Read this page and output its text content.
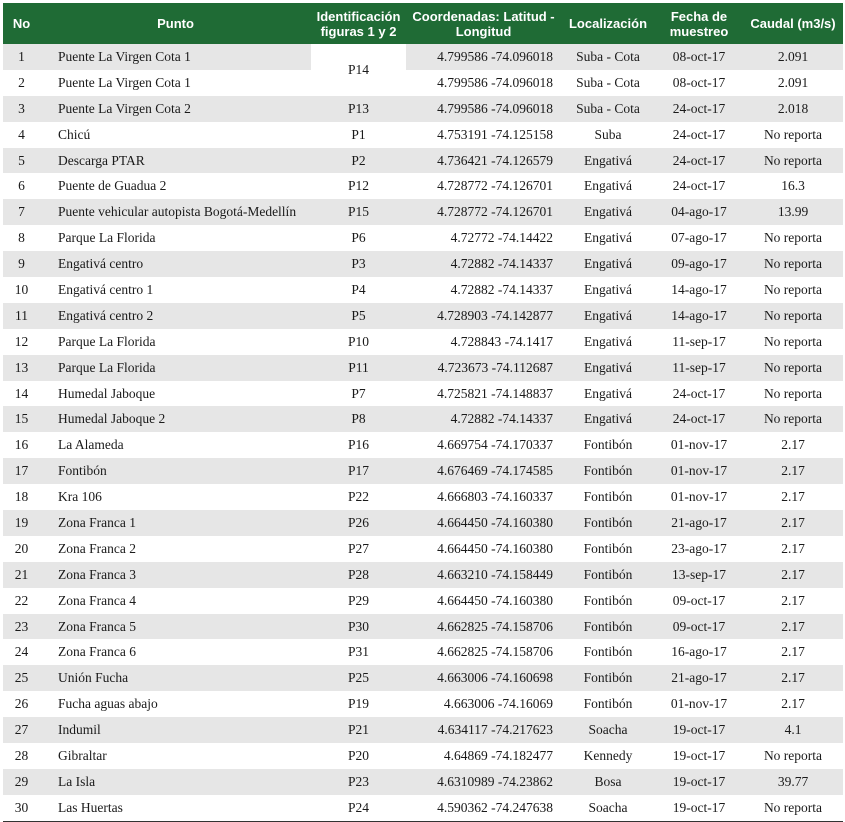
No	Punto	Identificación figuras 1 y 2	Coordenadas: Latitud - Longitud	Localización	Fecha de muestreo	Caudal (m3/s)
1	Puente La Virgen Cota 1	P14	4.799586 -74.096018	Suba - Cota	08-oct-17	2.091
2	Puente La Virgen Cota 1		4.799586 -74.096018	Suba - Cota	08-oct-17	2.091
3	Puente La Virgen Cota 2	P13	4.799586 -74.096018	Suba - Cota	24-oct-17	2.018
4	Chicú	P1	4.753191 -74.125158	Suba	24-oct-17	No reporta
5	Descarga PTAR	P2	4.736421 -74.126579	Engativá	24-oct-17	No reporta
6	Puente de Guadua 2	P12	4.728772 -74.126701	Engativá	24-oct-17	16.3
7	Puente vehicular autopista Bogotá-Medellín	P15	4.728772 -74.126701	Engativá	04-ago-17	13.99
8	Parque La Florida	P6	4.72772 -74.14422	Engativá	07-ago-17	No reporta
9	Engativá centro	P3	4.72882 -74.14337	Engativá	09-ago-17	No reporta
10	Engativá centro 1	P4	4.72882 -74.14337	Engativá	14-ago-17	No reporta
11	Engativá centro 2	P5	4.728903 -74.142877	Engativá	14-ago-17	No reporta
12	Parque La Florida	P10	4.728843 -74.1417	Engativá	11-sep-17	No reporta
13	Parque La Florida	P11	4.723673 -74.112687	Engativá	11-sep-17	No reporta
14	Humedal Jaboque	P7	4.725821 -74.148837	Engativá	24-oct-17	No reporta
15	Humedal Jaboque 2	P8	4.72882 -74.14337	Engativá	24-oct-17	No reporta
16	La Alameda	P16	4.669754 -74.170337	Fontibón	01-nov-17	2.17
17	Fontibón	P17	4.676469 -74.174585	Fontibón	01-nov-17	2.17
18	Kra 106	P22	4.666803 -74.160337	Fontibón	01-nov-17	2.17
19	Zona Franca 1	P26	4.664450 -74.160380	Fontibón	21-ago-17	2.17
20	Zona Franca 2	P27	4.664450 -74.160380	Fontibón	23-ago-17	2.17
21	Zona Franca 3	P28	4.663210 -74.158449	Fontibón	13-sep-17	2.17
22	Zona Franca 4	P29	4.664450 -74.160380	Fontibón	09-oct-17	2.17
23	Zona Franca 5	P30	4.662825 -74.158706	Fontibón	09-oct-17	2.17
24	Zona Franca 6	P31	4.662825 -74.158706	Fontibón	16-ago-17	2.17
25	Unión Fucha	P25	4.663006 -74.160698	Fontibón	21-ago-17	2.17
26	Fucha aguas abajo	P19	4.663006 -74.16069	Fontibón	01-nov-17	2.17
27	Indumil	P21	4.634117 -74.217623	Soacha	19-oct-17	4.1
28	Gibraltar	P20	4.64869 -74.182477	Kennedy	19-oct-17	No reporta
29	La Isla	P23	4.6310989 -74.23862	Bosa	19-oct-17	39.77
30	Las Huertas	P24	4.590362 -74.247638	Soacha	19-oct-17	No reporta
